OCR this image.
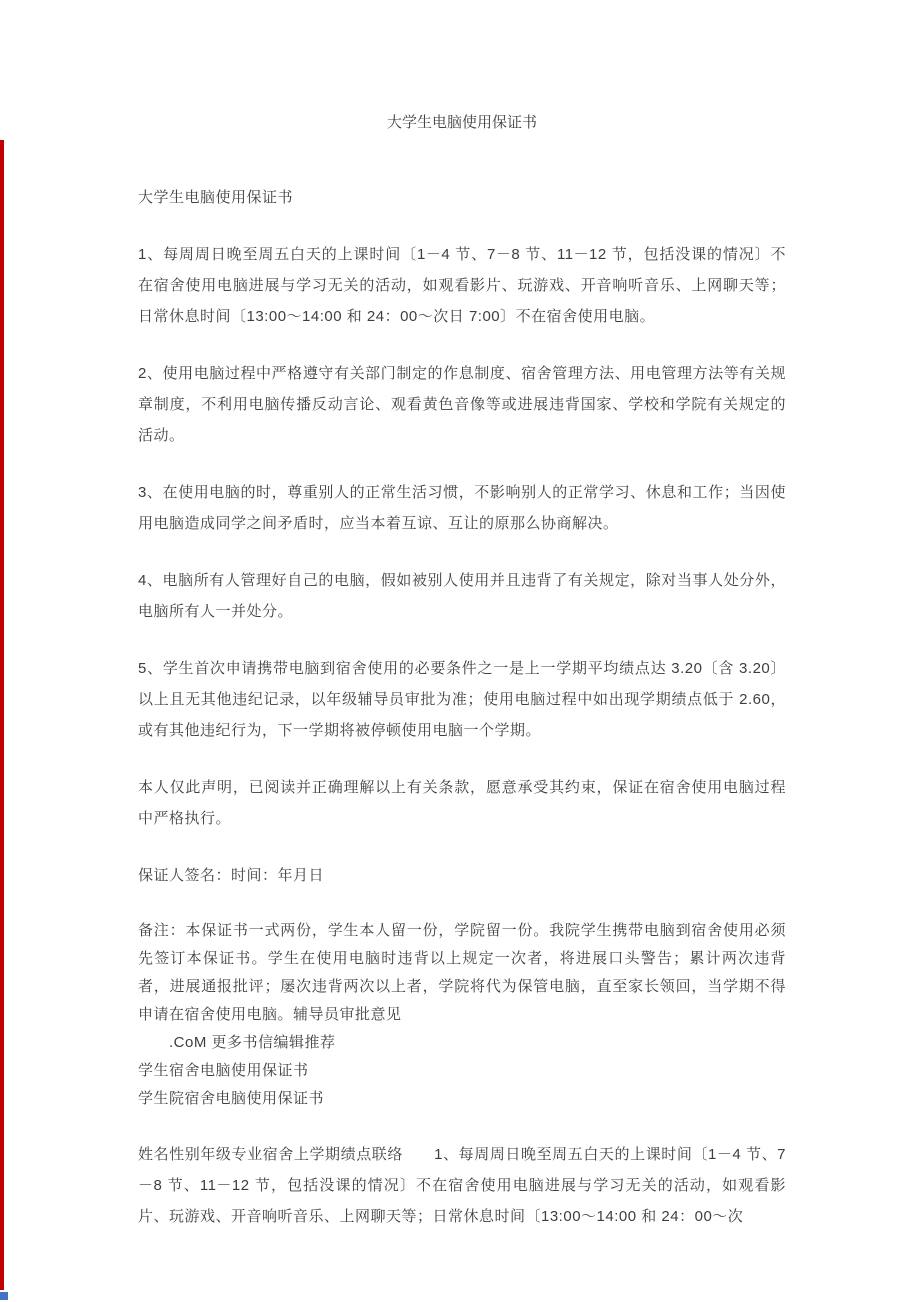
大学生电脑使用保证书
大学生电脑使用保证书
1、每周周日晚至周五白天的上课时间〔1－4 节、7－8 节、11－12 节，包括没课的情况〕不在宿舍使用电脑进展与学习无关的活动，如观看影片、玩游戏、开音响听音乐、上网聊天等；日常休息时间〔13:00～14:00 和 24：00～次日 7:00〕不在宿舍使用电脑。
2、使用电脑过程中严格遵守有关部门制定的作息制度、宿舍管理方法、用电管理方法等有关规章制度，不利用电脑传播反动言论、观看黄色音像等或进展违背国家、学校和学院有关规定的活动。
3、在使用电脑的时，尊重别人的正常生活习惯，不影响别人的正常学习、休息和工作；当因使用电脑造成同学之间矛盾时，应当本着互谅、互让的原那么协商解决。
4、电脑所有人管理好自己的电脑，假如被别人使用并且违背了有关规定，除对当事人处分外，电脑所有人一并处分。
5、学生首次申请携带电脑到宿舍使用的必要条件之一是上一学期平均绩点达 3.20〔含 3.20〕以上且无其他违纪记录，以年级辅导员审批为准；使用电脑过程中如出现学期绩点低于 2.60，或有其他违纪行为，下一学期将被停顿使用电脑一个学期。
本人仅此声明，已阅读并正确理解以上有关条款，愿意承受其约束，保证在宿舍使用电脑过程中严格执行。
保证人签名：时间：年月日
备注：本保证书一式两份，学生本人留一份，学院留一份。我院学生携带电脑到宿舍使用必须先签订本保证书。学生在使用电脑时违背以上规定一次者，将进展口头警告；累计两次违背者，进展通报批评；屡次违背两次以上者，学院将代为保管电脑，直至家长领回，当学期不得申请在宿舍使用电脑。辅导员审批意见
　　.CoM 更多书信编辑推荐
学生宿舍电脑使用保证书
学生院宿舍电脑使用保证书
姓名性别年级专业宿舍上学期绩点联络　　1、每周周日晚至周五白天的上课时间〔1－4 节、7－8 节、11－12 节，包括没课的情况〕不在宿舍使用电脑进展与学习无关的活动，如观看影片、玩游戏、开音响听音乐、上网聊天等；日常休息时间〔13:00～14:00 和 24：00～次
